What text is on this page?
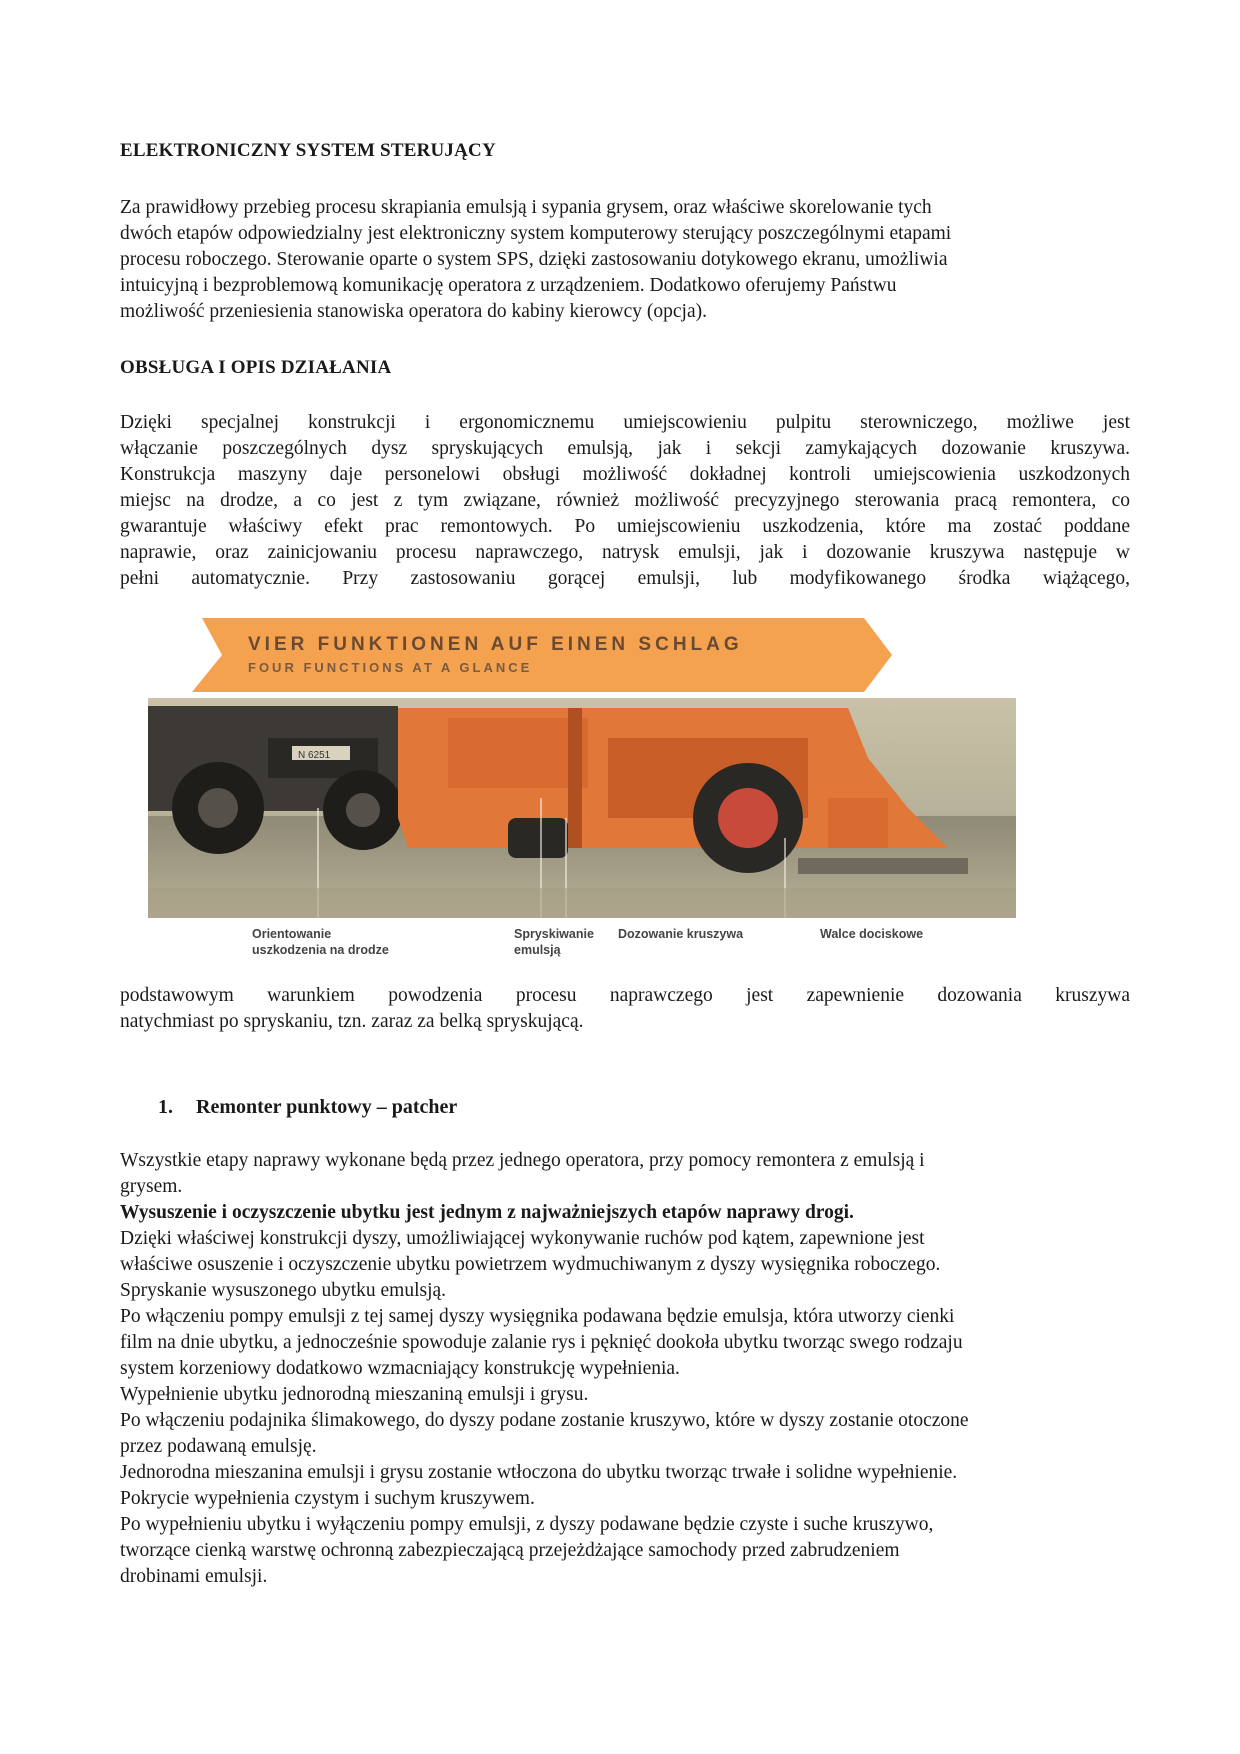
ELEKTRONICZNY SYSTEM STERUJĄCY

Za prawidłowy przebieg procesu skrapiania emulsją i sypania grysem, oraz właściwe skorelowanie tych

dwóch etapów odpowiedzialny jest elektroniczny system komputerowy sterujący poszczególnymi etapami

procesu roboczego. Sterowanie oparte o system SPS, dzięki zastosowaniu dotykowego ekranu, umożliwia

intuicyjną i bezproblemową komunikację operatora z urządzeniem. Dodatkowo oferujemy Państwu

możliwość przeniesienia stanowiska operatora do kabiny kierowcy (opcja).

OBSŁUGA I OPIS DZIAŁANIA

Dzięki specjalnej konstrukcji i ergonomicznemu umiejscowieniu pulpitu sterowniczego, możliwe jest

włączanie poszczególnych dysz spryskujących emulsją, jak i sekcji zamykających dozowanie kruszywa.

Konstrukcja maszyny daje personelowi obsługi możliwość dokładnej kontroli umiejscowienia uszkodzonych

miejsc na drodze, a co jest z tym związane, również możliwość precyzyjnego sterowania pracą remontera, co

gwarantuje właściwy efekt prac remontowych. Po umiejscowieniu uszkodzenia, które ma zostać poddane

naprawie, oraz zainicjowaniu procesu naprawczego, natrysk emulsji, jak i dozowanie kruszywa następuje w

pełni automatycznie. Przy zastosowaniu gorącej emulsji, lub modyfikowanego środka wiążącego,

VIER FUNKTIONEN AUF EINEN SCHLAG
FOUR FUNCTIONS AT A GLANCE
N 6251
Orientowanie
uszkodzenia na drodze
Spryskiwanie
emulsją
Dozowanie kruszywa	Walce dociskowe

podstawowym warunkiem powodzenia procesu naprawczego jest zapewnienie dozowania kruszywa

natychmiast po spryskaniu, tzn. zaraz za belką spryskującą.

1. Remonter punktowy – patcher

Wszystkie etapy naprawy wykonane będą przez jednego operatora, przy pomocy remontera z emulsją i

grysem.

Wysuszenie i oczyszczenie ubytku jest jednym z najważniejszych etapów naprawy drogi.

Dzięki właściwej konstrukcji dyszy, umożliwiającej wykonywanie ruchów pod kątem, zapewnione jest

właściwe osuszenie i oczyszczenie ubytku powietrzem wydmuchiwanym z dyszy wysięgnika roboczego.

Spryskanie wysuszonego ubytku emulsją.

Po włączeniu pompy emulsji z tej samej dyszy wysięgnika podawana będzie emulsja, która utworzy cienki

film na dnie ubytku, a jednocześnie spowoduje zalanie rys i pęknięć dookoła ubytku tworząc swego rodzaju

system korzeniowy dodatkowo wzmacniający konstrukcję wypełnienia.

Wypełnienie ubytku jednorodną mieszaniną emulsji i grysu.

Po włączeniu podajnika ślimakowego, do dyszy podane zostanie kruszywo, które w dyszy zostanie otoczone

przez podawaną emulsję.

Jednorodna mieszanina emulsji i grysu zostanie wtłoczona do ubytku tworząc trwałe i solidne wypełnienie.

Pokrycie wypełnienia czystym i suchym kruszywem.

Po wypełnieniu ubytku i wyłączeniu pompy emulsji, z dyszy podawane będzie czyste i suche kruszywo,

tworzące cienką warstwę ochronną zabezpieczającą przejeżdżające samochody przed zabrudzeniem

drobinami emulsji.
